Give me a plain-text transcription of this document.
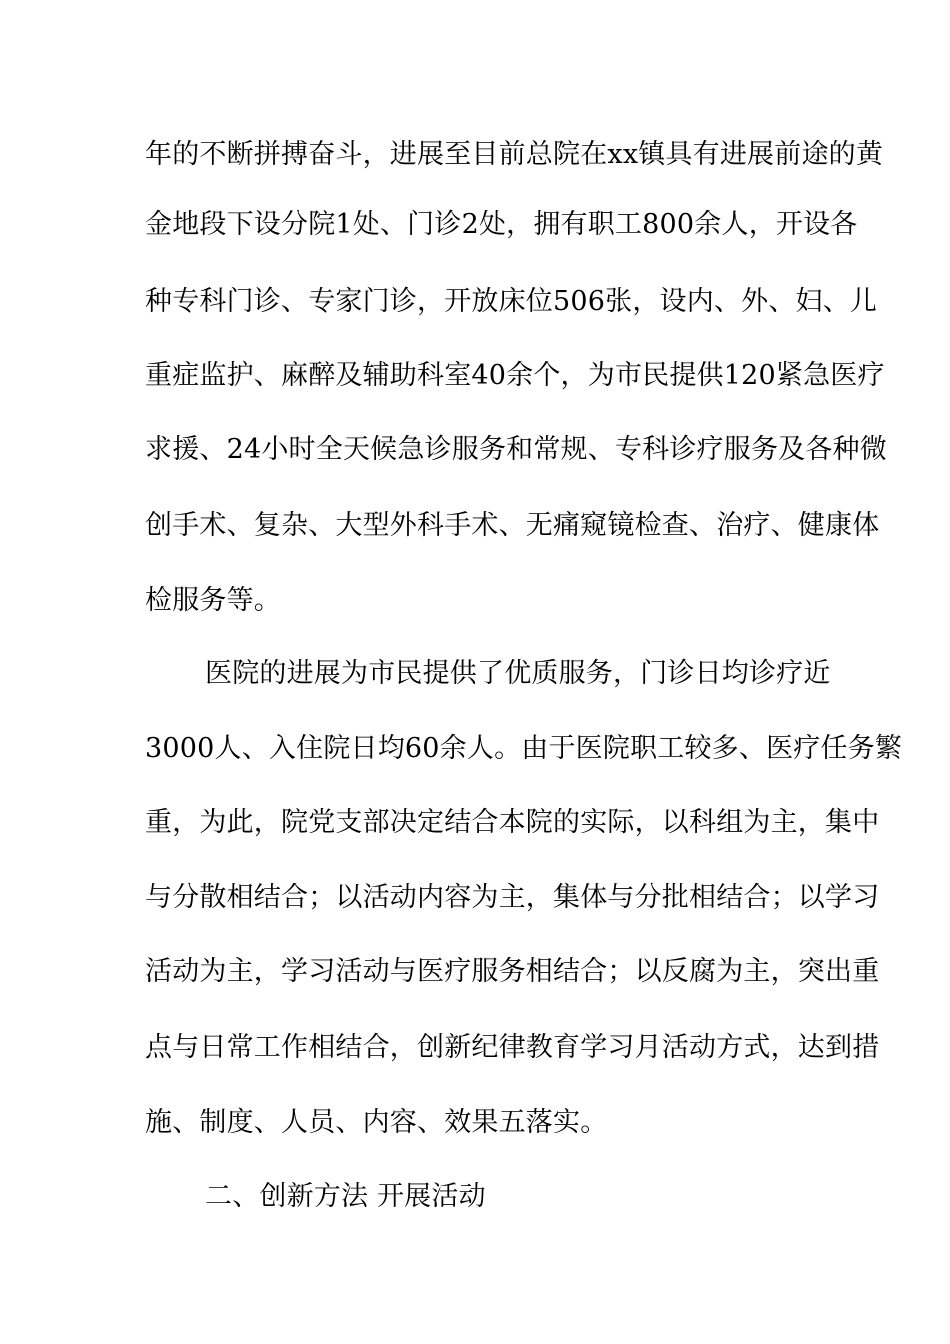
年的不断拼搏奋斗，进展至目前总院在xx镇具有进展前途的黄
金地段下设分院1处、门诊2处，拥有职工800余人，开设各
种专科门诊、专家门诊，开放床位506张，设内、外、妇、儿
重症监护、麻醉及辅助科室40余个，为市民提供120紧急医疗
求援、24小时全天候急诊服务和常规、专科诊疗服务及各种微
创手术、复杂、大型外科手术、无痛窥镜检查、治疗、健康体
检服务等。
医院的进展为市民提供了优质服务，门诊日均诊疗近
3000人、入住院日均60余人。由于医院职工较多、医疗任务繁
重，为此，院党支部决定结合本院的实际，以科组为主，集中
与分散相结合；以活动内容为主，集体与分批相结合；以学习
活动为主，学习活动与医疗服务相结合；以反腐为主，突出重
点与日常工作相结合，创新纪律教育学习月活动方式，达到措
施、制度、人员、内容、效果五落实。
二、创新方法 开展活动
